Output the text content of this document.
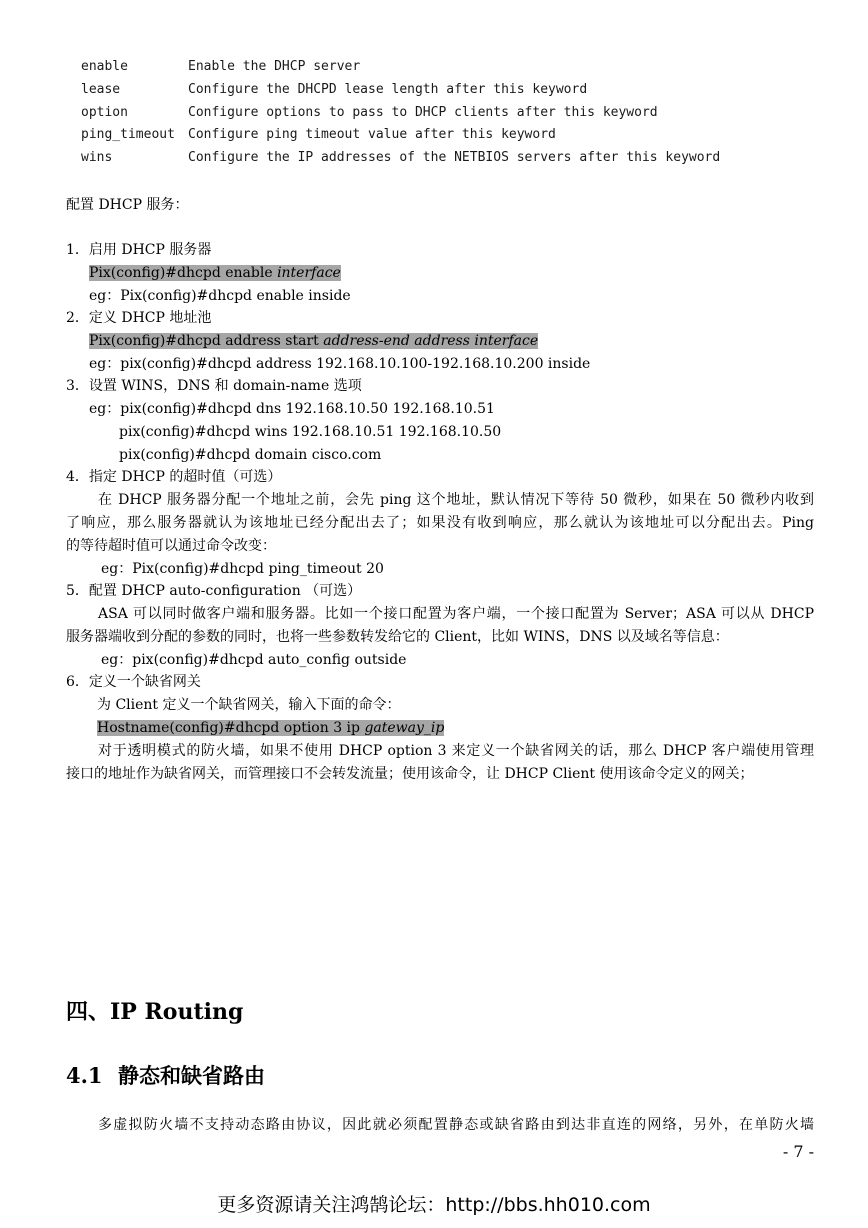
enable	Enable the DHCP server
lease	Configure the DHCPD lease length after this keyword
option	Configure options to pass to DHCP clients after this keyword
ping_timeout Configure ping timeout value after this keyword
wins	Configure the IP addresses of the NETBIOS servers after this keyword
配置 DHCP 服务：
1．启用 DHCP 服务器
Pix(config)#dhcpd enable interface
eg：Pix(config)#dhcpd enable inside
2．定义 DHCP 地址池
Pix(config)#dhcpd address start address-end address interface
eg：pix(config)#dhcpd address 192.168.10.100-192.168.10.200 inside
3．设置 WINS，DNS 和 domain-name 选项
eg：pix(config)#dhcpd dns 192.168.10.50 192.168.10.51
pix(config)#dhcpd wins 192.168.10.51 192.168.10.50
pix(config)#dhcpd domain cisco.com
4．指定 DHCP 的超时值（可选）
在 DHCP 服务器分配一个地址之前，会先 ping 这个地址，默认情况下等待 50 微秒，如果在 50 微秒内收到
了响应，那么服务器就认为该地址已经分配出去了；如果没有收到响应，那么就认为该地址可以分配出去。Ping
的等待超时值可以通过命令改变：
eg：Pix(config)#dhcpd ping_timeout 20
5．配置 DHCP auto-configuration （可选）
ASA 可以同时做客户端和服务器。比如一个接口配置为客户端，一个接口配置为 Server；ASA 可以从 DHCP
服务器端收到分配的参数的同时，也将一些参数转发给它的 Client，比如 WINS，DNS 以及域名等信息：
eg：pix(config)#dhcpd auto_config outside
6．定义一个缺省网关
为 Client 定义一个缺省网关，输入下面的命令：
Hostname(config)#dhcpd option 3 ip gateway_ip
对于透明模式的防火墙，如果不使用 DHCP option 3 来定义一个缺省网关的话，那么 DHCP 客户端使用管理
接口的地址作为缺省网关，而管理接口不会转发流量；使用该命令，让 DHCP Client 使用该命令定义的网关；
四、IP Routing
4.1 静态和缺省路由
多虚拟防火墙不支持动态路由协议，因此就必须配置静态或缺省路由到达非直连的网络，另外，在单防火墙
- 7 -
更多资源请关注鸿鹄论坛：http://bbs.hh010.com
